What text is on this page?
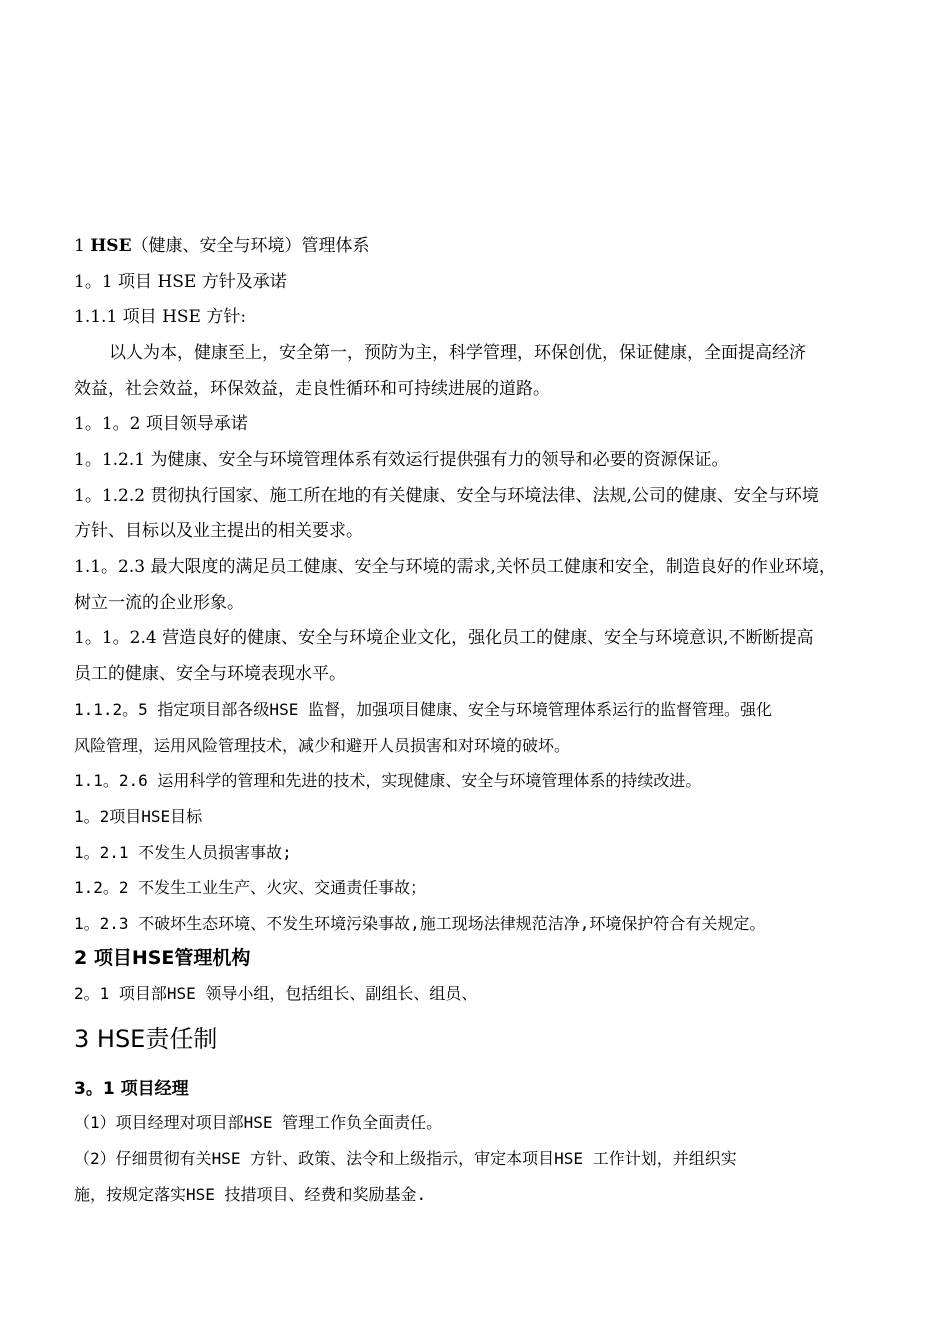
1 HSE（健康、安全与环境）管理体系
1。1 项目 HSE 方针及承诺
1.1.1 项目 HSE 方针:
以人为本，健康至上，安全第一，预防为主，科学管理，环保创优，保证健康，全面提高经济
效益，社会效益，环保效益，走良性循环和可持续进展的道路。
1。1。2 项目领导承诺
1。1.2.1 为健康、安全与环境管理体系有效运行提供强有力的领导和必要的资源保证。
1。1.2.2 贯彻执行国家、施工所在地的有关健康、安全与环境法律、法规,公司的健康、安全与环境
方针、目标以及业主提出的相关要求。
1.1。2.3 最大限度的满足员工健康、安全与环境的需求,关怀员工健康和安全，制造良好的作业环境，
树立一流的企业形象。
1。1。2.4 营造良好的健康、安全与环境企业文化，强化员工的健康、安全与环境意识,不断断提高
员工的健康、安全与环境表现水平。
1.1.2。5 指定项目部各级HSE 监督，加强项目健康、安全与环境管理体系运行的监督管理。强化
风险管理，运用风险管理技术，减少和避开人员损害和对环境的破坏。
1.1。2.6 运用科学的管理和先进的技术，实现健康、安全与环境管理体系的持续改进。
1。2项目HSE目标
1。2.1 不发生人员损害事故;
1.2。2 不发生工业生产、火灾、交通责任事故；
1。2.3 不破坏生态环境、不发生环境污染事故,施工现场法律规范洁净,环境保护符合有关规定。
2 项目HSE管理机构
2。1 项目部HSE 领导小组，包括组长、副组长、组员、
3 HSE责任制
3。1 项目经理
（1）项目经理对项目部HSE 管理工作负全面责任。
（2）仔细贯彻有关HSE 方针、政策、法令和上级指示，审定本项目HSE 工作计划，并组织实
施，按规定落实HSE 技措项目、经费和奖励基金.
